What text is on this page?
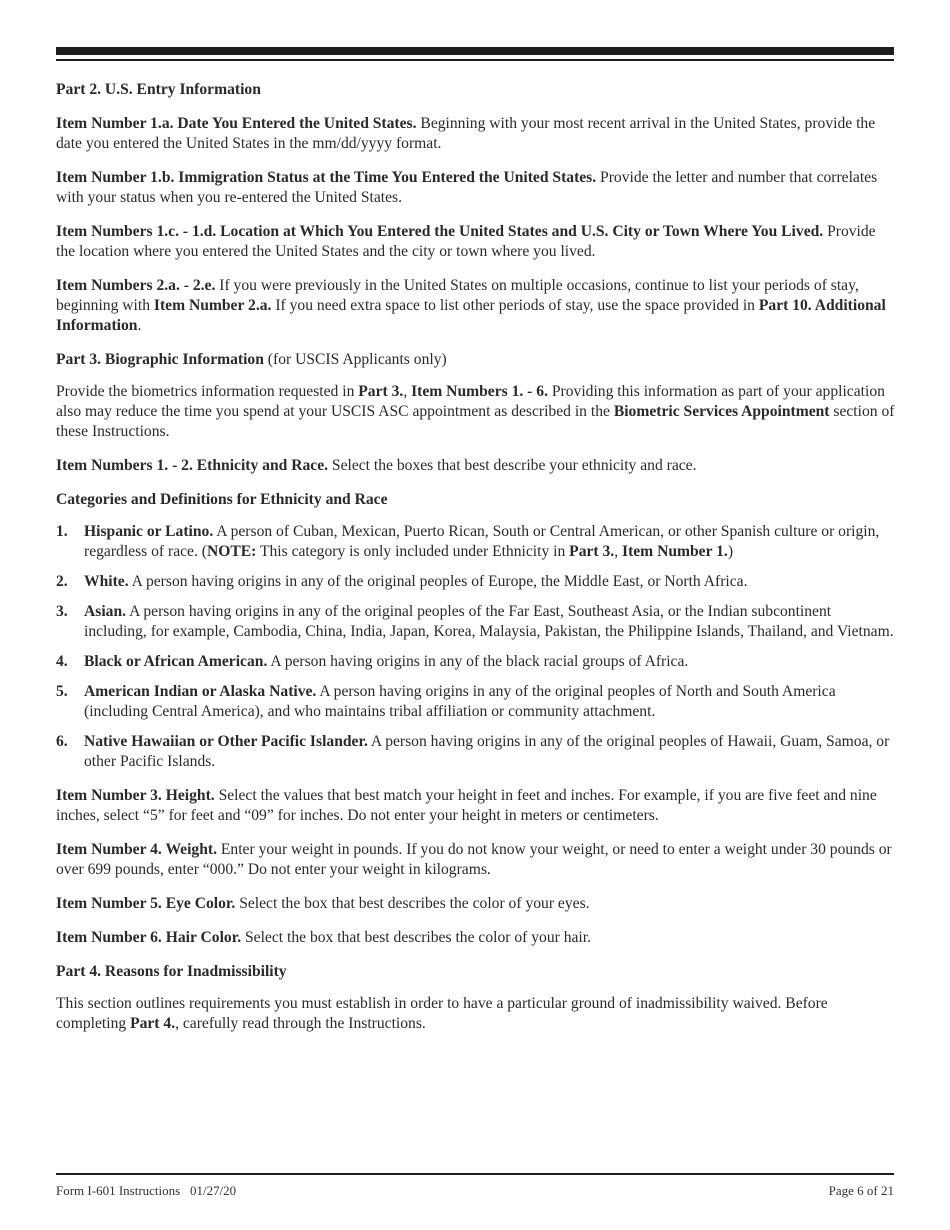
Part 2. U.S. Entry Information

Item Number 1.a. Date You Entered the United States. Beginning with your most recent arrival in the United States, provide the date you entered the United States in the mm/dd/yyyy format.

Item Number 1.b. Immigration Status at the Time You Entered the United States. Provide the letter and number that correlates with your status when you re-entered the United States.

Item Numbers 1.c. - 1.d. Location at Which You Entered the United States and U.S. City or Town Where You Lived. Provide the location where you entered the United States and the city or town where you lived.

Item Numbers 2.a. - 2.e. If you were previously in the United States on multiple occasions, continue to list your periods of stay, beginning with Item Number 2.a. If you need extra space to list other periods of stay, use the space provided in Part 10. Additional Information.

Part 3. Biographic Information (for USCIS Applicants only)

Provide the biometrics information requested in Part 3., Item Numbers 1. - 6. Providing this information as part of your application also may reduce the time you spend at your USCIS ASC appointment as described in the Biometric Services Appointment section of these Instructions.

Item Numbers 1. - 2. Ethnicity and Race. Select the boxes that best describe your ethnicity and race.

Categories and Definitions for Ethnicity and Race

1.	Hispanic or Latino. A person of Cuban, Mexican, Puerto Rican, South or Central American, or other Spanish culture or origin, regardless of race. (NOTE: This category is only included under Ethnicity in Part 3., Item Number 1.)
2.	White. A person having origins in any of the original peoples of Europe, the Middle East, or North Africa.
3.	Asian. A person having origins in any of the original peoples of the Far East, Southeast Asia, or the Indian subcontinent including, for example, Cambodia, China, India, Japan, Korea, Malaysia, Pakistan, the Philippine Islands, Thailand, and Vietnam.
4.	Black or African American. A person having origins in any of the black racial groups of Africa.
5.	American Indian or Alaska Native. A person having origins in any of the original peoples of North and South America (including Central America), and who maintains tribal affiliation or community attachment.
6.	Native Hawaiian or Other Pacific Islander. A person having origins in any of the original peoples of Hawaii, Guam, Samoa, or other Pacific Islands.

Item Number 3. Height. Select the values that best match your height in feet and inches. For example, if you are five feet and nine inches, select “5” for feet and “09” for inches. Do not enter your height in meters or centimeters.

Item Number 4. Weight. Enter your weight in pounds. If you do not know your weight, or need to enter a weight under 30 pounds or over 699 pounds, enter “000.” Do not enter your weight in kilograms.

Item Number 5. Eye Color. Select the box that best describes the color of your eyes.

Item Number 6. Hair Color. Select the box that best describes the color of your hair.

Part 4. Reasons for Inadmissibility

This section outlines requirements you must establish in order to have a particular ground of inadmissibility waived. Before completing Part 4., carefully read through the Instructions.

Form I-601 Instructions   01/27/20	Page 6 of 21
